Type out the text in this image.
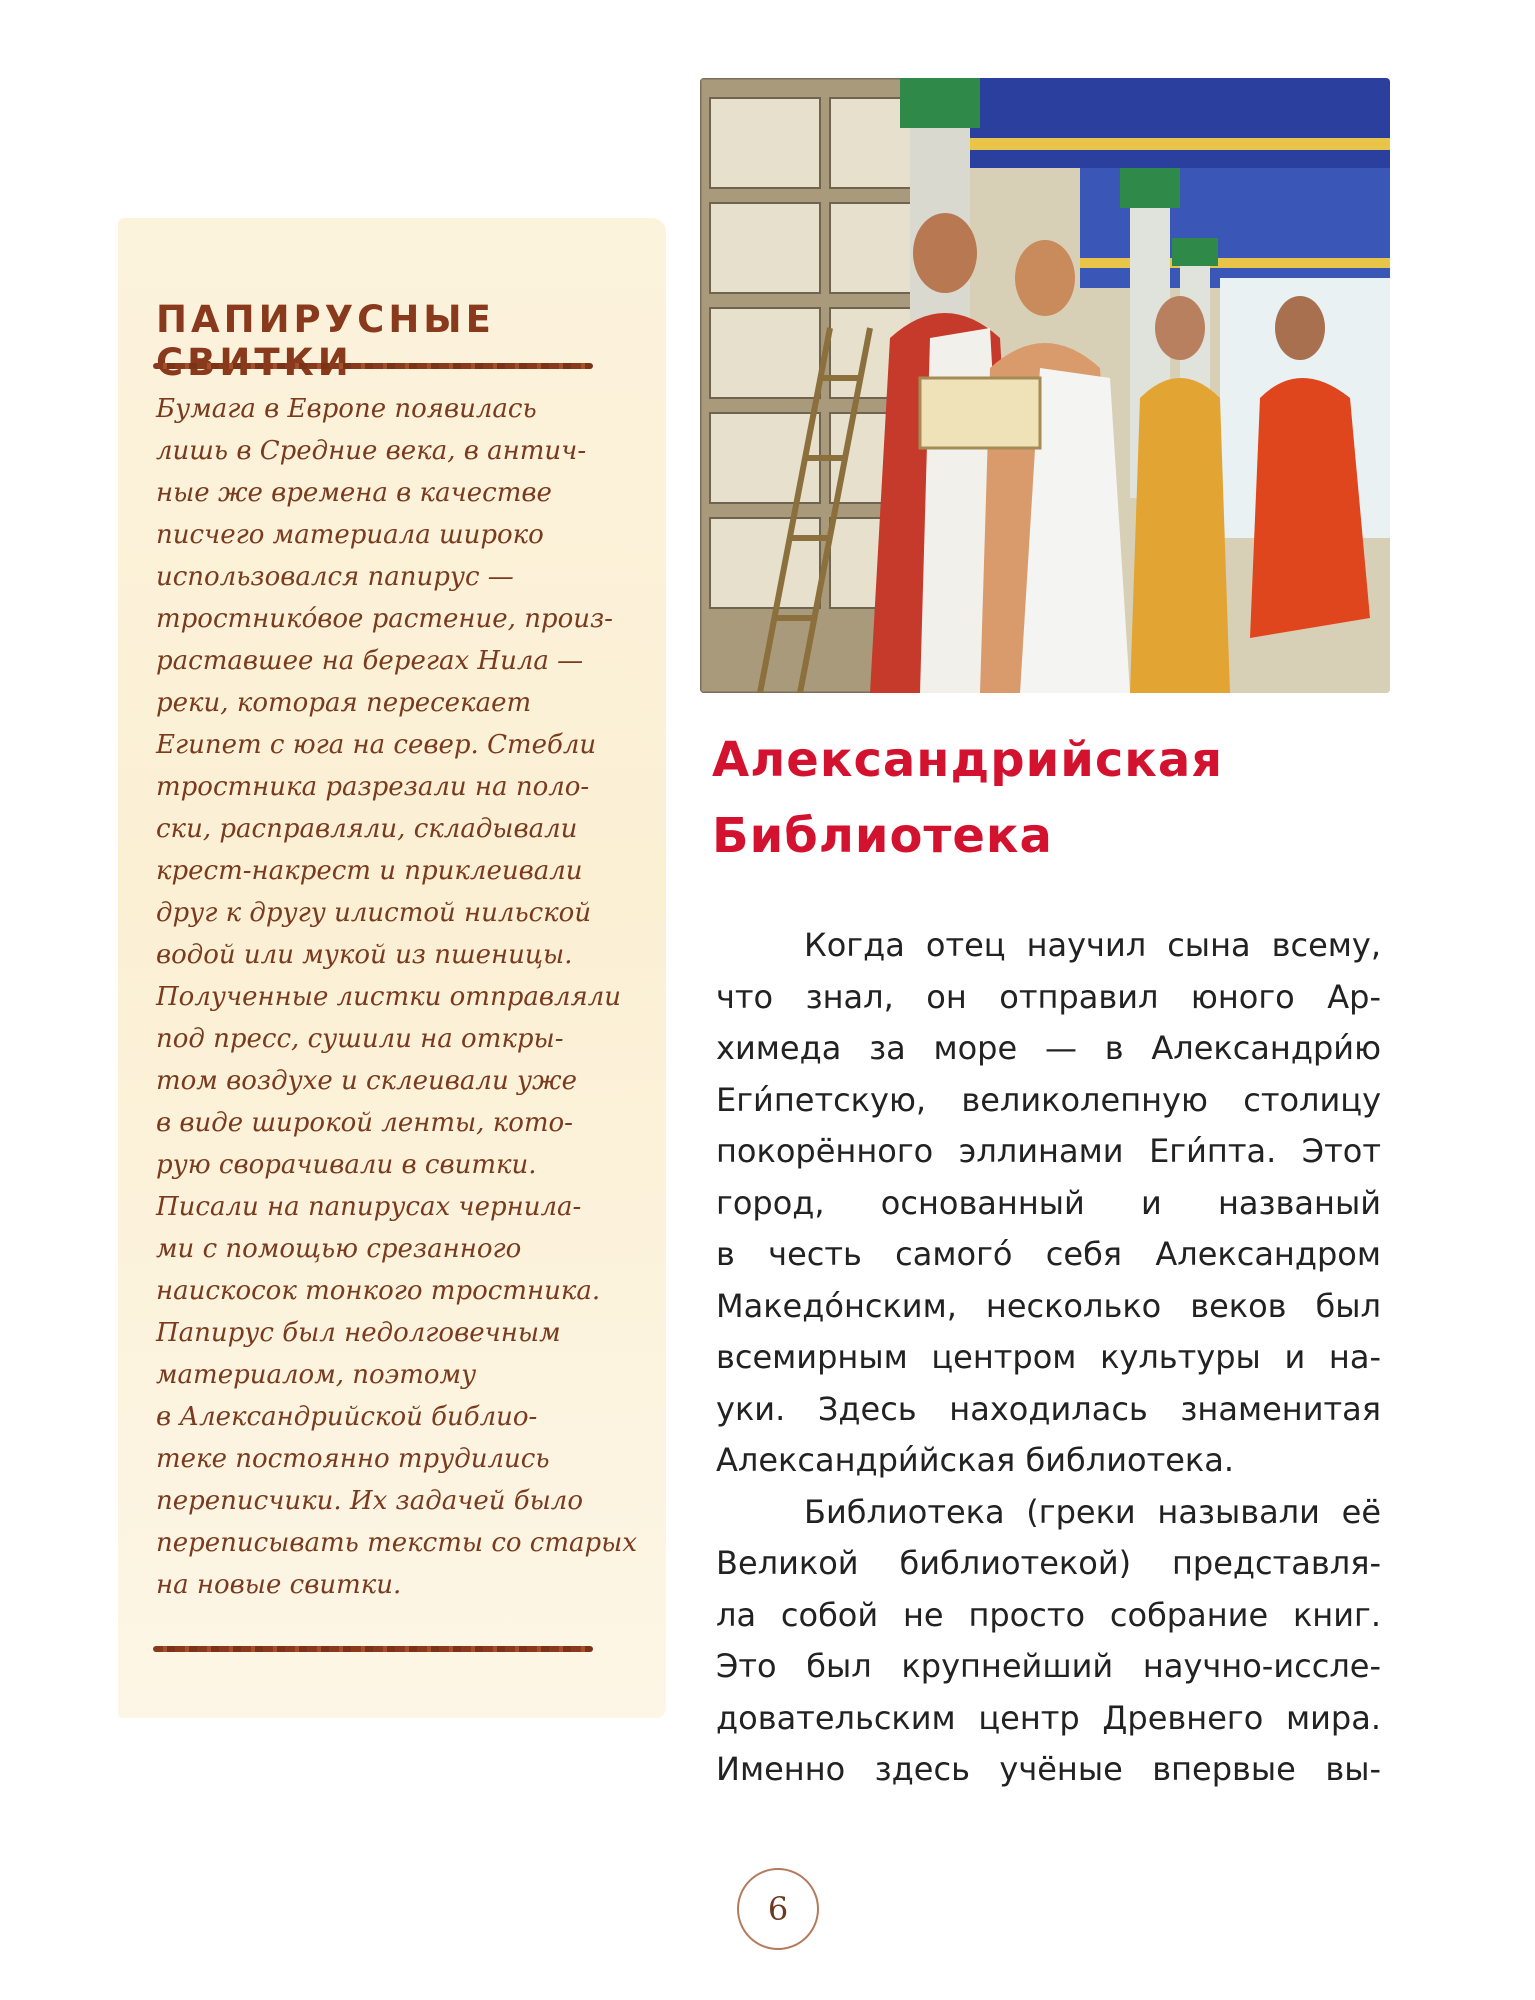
ПАПИРУСНЫЕ
Бумага в Европе появилась
лишь в Средние века, в антич-
ные же времена в качестве
писчего материала широко
использовался папирус —
тростнико́вое растение, произ-
раставшее на берегах Нила —
реки, которая пересекает
Египет с юга на север. Стебли
тростника разрезали на поло-
ски, расправляли, складывали
крест-накрест и приклеивали
друг к другу илистой нильской
водой или мукой из пшеницы.
Полученные листки отправляли
под пресс, сушили на откры-
том воздухе и склеивали уже
в виде широкой ленты, кото-
рую сворачивали в свитки.
Писали на папирусах чернила-
ми с помощью срезанного
наискосок тонкого тростника.
Папирус был недолговечным
материалом, поэтому
в Александрийской библио-
теке постоянно трудились
переписчики. Их задачей было
переписывать тексты со старых
на новые свитки.
Александрийская
Библиотека
Когда отец научил сына всему,
что знал, он отправил юного Ар-
химеда за море — в Александри́ю
Еги́петскую, великолепную столицу
покорённого эллинами Еги́пта. Этот
город, основанный и названый
в честь самого́ себя Александром
Македо́нским, несколько веков был
всемирным центром культуры и на-
уки. Здесь находилась знаменитая
Александри́йская библиотека.
Библиотека (греки называли её
Великой библиотекой) представля-
ла собой не просто собрание книг.
Это был крупнейший научно-иссле-
довательским центр Древнего мира.
Именно здесь учёные впервые вы-
6
